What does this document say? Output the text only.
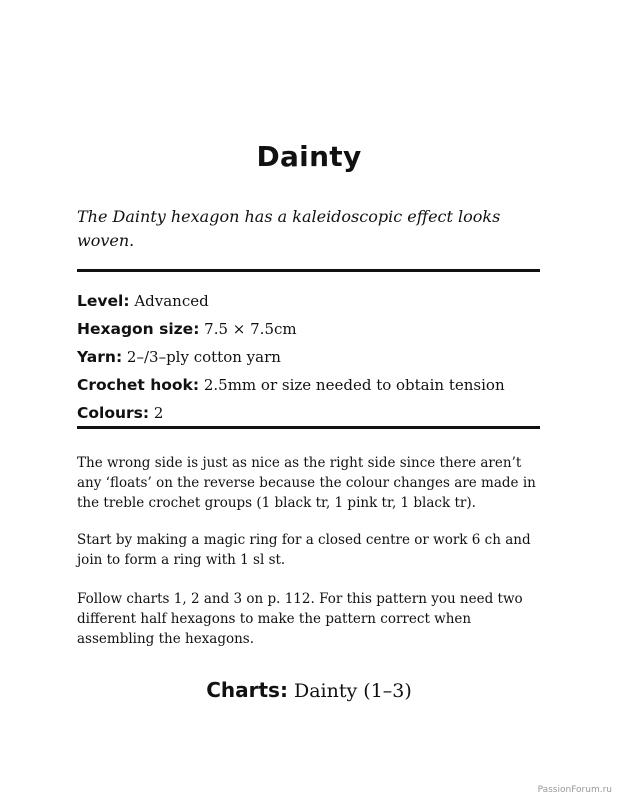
Dainty
The Dainty hexagon has a kaleidoscopic effect looks woven.
Level: Advanced
Hexagon size: 7.5 × 7.5cm
Yarn: 2–/3–ply cotton yarn
Crochet hook: 2.5mm or size needed to obtain tension
Colours: 2
The wrong side is just as nice as the right side since there aren’t any ‘floats’ on the reverse because the colour changes are made in the treble crochet groups (1 black tr, 1 pink tr, 1 black tr).
Start by making a magic ring for a closed centre or work 6 ch and join to form a ring with 1 sl st.
Follow charts 1, 2 and 3 on p. 112. For this pattern you need two different half hexagons to make the pattern correct when assembling the hexagons.
Charts: Dainty (1–3)
PassionForum.ru
